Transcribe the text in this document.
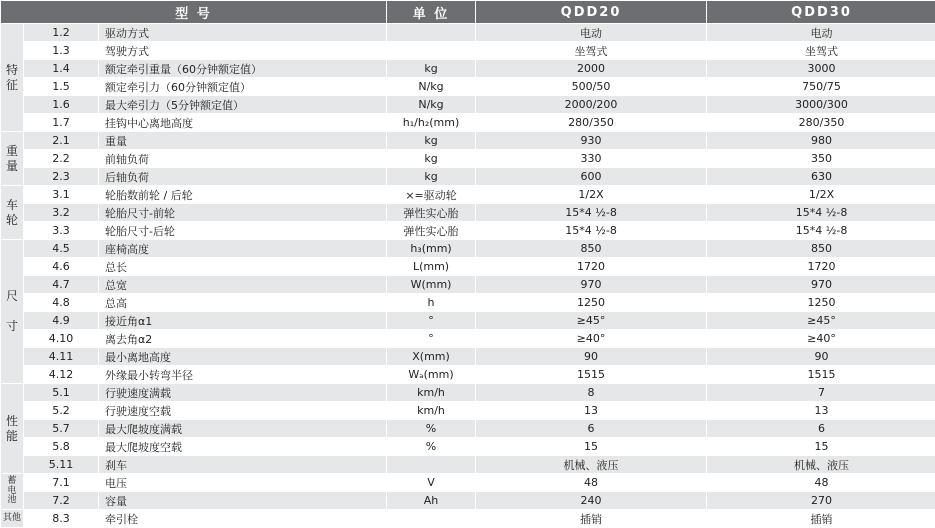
型 号			单 位	QDD20	QDD30
特
征	1.2	驱动方式		电动	电动
	1.3	驾驶方式		坐驾式	坐驾式
	1.4	额定牵引重量（60分钟额定值）	kg	2000	3000
	1.5	额定牵引力（60分钟额定值）	N/kg	500/50	750/75
	1.6	最大牵引力（5分钟额定值）	N/kg	2000/200	3000/300
	1.7	挂钩中心离地高度	h₁/h₂(mm)	280/350	280/350
重
量	2.1	重量	kg	930	980
	2.2	前轴负荷	kg	330	350
	2.3	后轴负荷	kg	600	630
车
轮	3.1	轮胎数前轮 / 后轮	×=驱动轮	1/2X	1/2X
	3.2	轮胎尺寸-前轮	弹性实心胎	15*4 ½-8	15*4 ½-8
	3.3	轮胎尺寸-后轮	弹性实心胎	15*4 ½-8	15*4 ½-8
尺

寸	4.5	座椅高度	h₃(mm)	850	850
	4.6	总长	L(mm)	1720	1720
	4.7	总宽	W(mm)	970	970
	4.8	总高	h	1250	1250
	4.9	接近角α1	°	≥45°	≥45°
	4.10	离去角α2	°	≥40°	≥40°
	4.11	最小离地高度	X(mm)	90	90
	4.12	外缘最小转弯半径	Wₐ(mm)	1515	1515
性
能	5.1	行驶速度满载	km/h	8	7
	5.2	行驶速度空载	km/h	13	13
	5.7	最大爬坡度满载	%	6	6
	5.8	最大爬坡度空载	%	15	15
	5.11	刹车		机械、液压	机械、液压
蓄
电
池	7.1	电压	V	48	48
	7.2	容量	Ah	240	270
其他	8.3	牵引栓		插销	插销
